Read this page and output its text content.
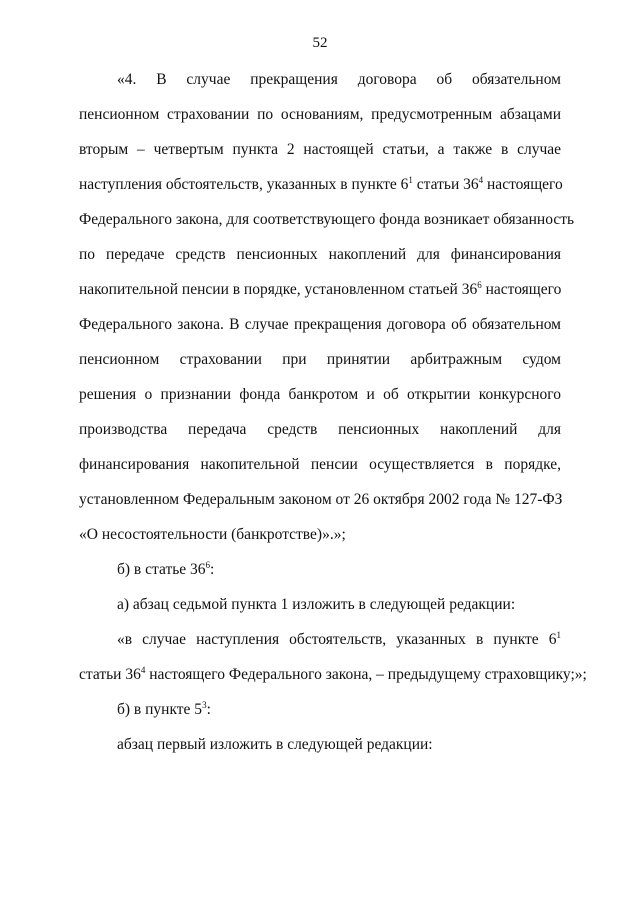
52
«4. В случае прекращения договора об обязательном
пенсионном страховании по основаниям, предусмотренным абзацами
вторым – четвертым пункта 2 настоящей статьи, а также в случае
наступления обстоятельств, указанных в пункте $6^1$ статьи $36^4$ настоящего
Федерального закона, для соответствующего фонда возникает обязанность
по передаче средств пенсионных накоплений для финансирования
накопительной пенсии в порядке, установленном статьей $36^6$ настоящего
Федерального закона. В случае прекращения договора об обязательном
пенсионном страховании при принятии арбитражным судом
решения о признании фонда банкротом и об открытии конкурсного
производства передача средств пенсионных накоплений для
финансирования накопительной пенсии осуществляется в порядке,
установленном Федеральным законом от 26 октября 2002 года № 127-ФЗ
«О несостоятельности (банкротстве)».»;
б) в статье $36^6$:
а) абзац седьмой пункта 1 изложить в следующей редакции:
«в случае наступления обстоятельств, указанных в пункте $6^1$
статьи $36^4$ настоящего Федерального закона, – предыдущему страховщику;»;
б) в пункте $5^3$:
абзац первый изложить в следующей редакции:
